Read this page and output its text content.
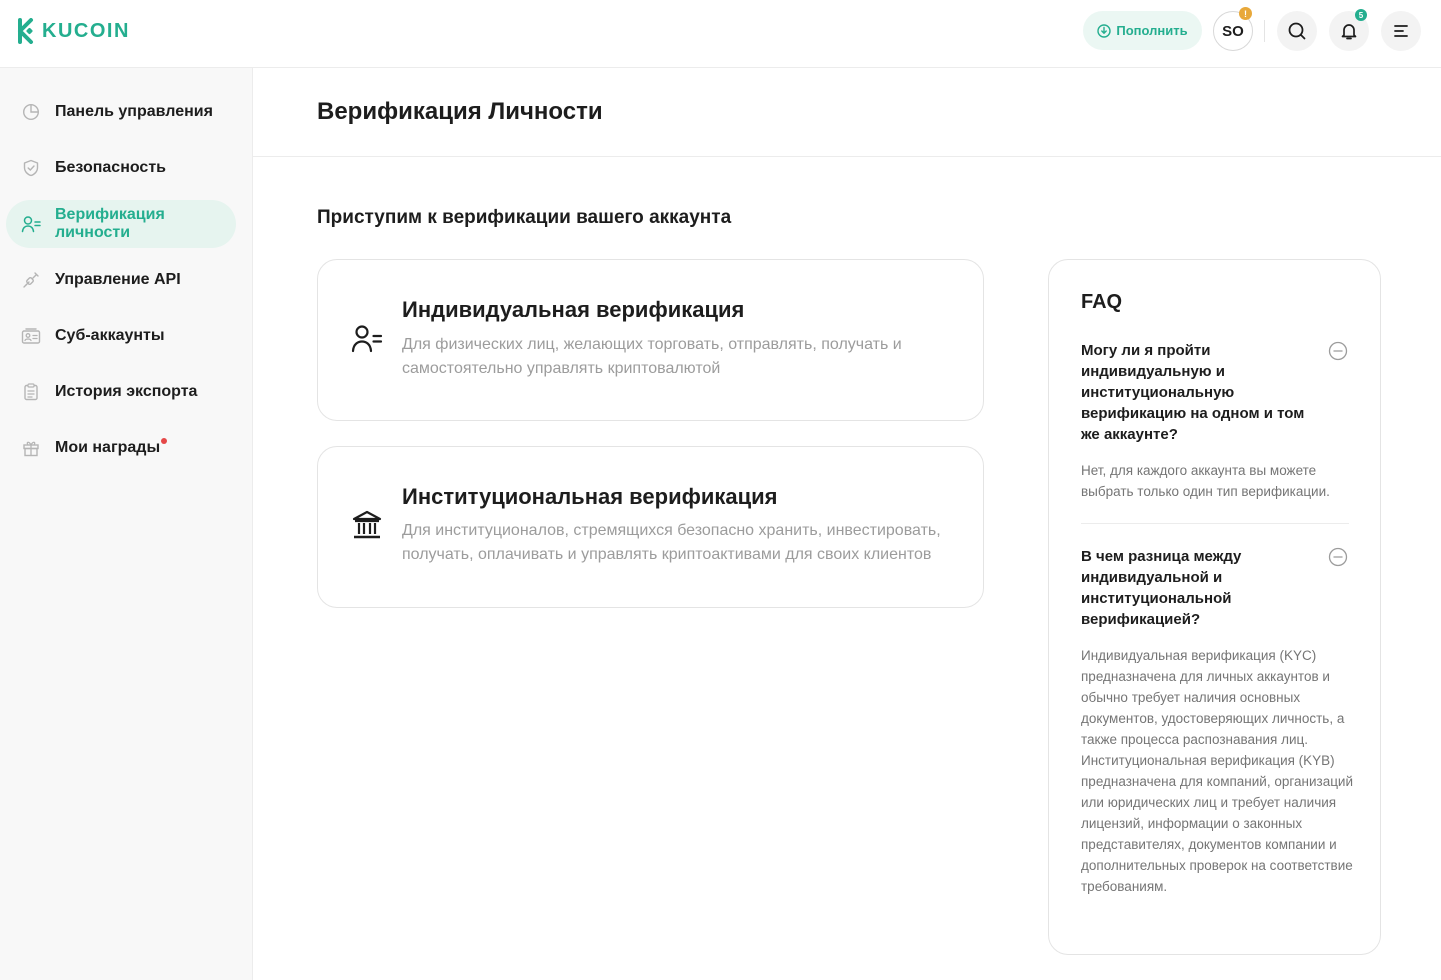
KUCOIN	Пополнить SO
!	5
Панель управления
Безопасность
Верификация личности
Управление API
Суб-аккаунты
История экспорта
Мои награды
Верификация Личности
Приступим к верификации вашего аккаунта
Индивидуальная верификация
Для физических лиц, желающих торговать, отправлять, получать и самостоятельно управлять криптовалютой
Институциональная верификация
Для институционалов, стремящихся безопасно хранить, инвестировать, получать, оплачивать и управлять криптоактивами для своих клиентов
FAQ
Могу ли я пройти индивидуальную и институциональную верификацию на одном и том же аккаунте?
Нет, для каждого аккаунта вы можете выбрать только один тип верификации.
В чем разница между индивидуальной и институциональной верификацией?
Индивидуальная верификация (KYC) предназначена для личных аккаунтов и обычно требует наличия основных документов, удостоверяющих личность, а также процесса распознавания лиц. Институциональная верификация (KYB) предназначена для компаний, организаций или юридических лиц и требует наличия лицензий, информации о законных представителях, документов компании и дополнительных проверок на соответствие требованиям.
